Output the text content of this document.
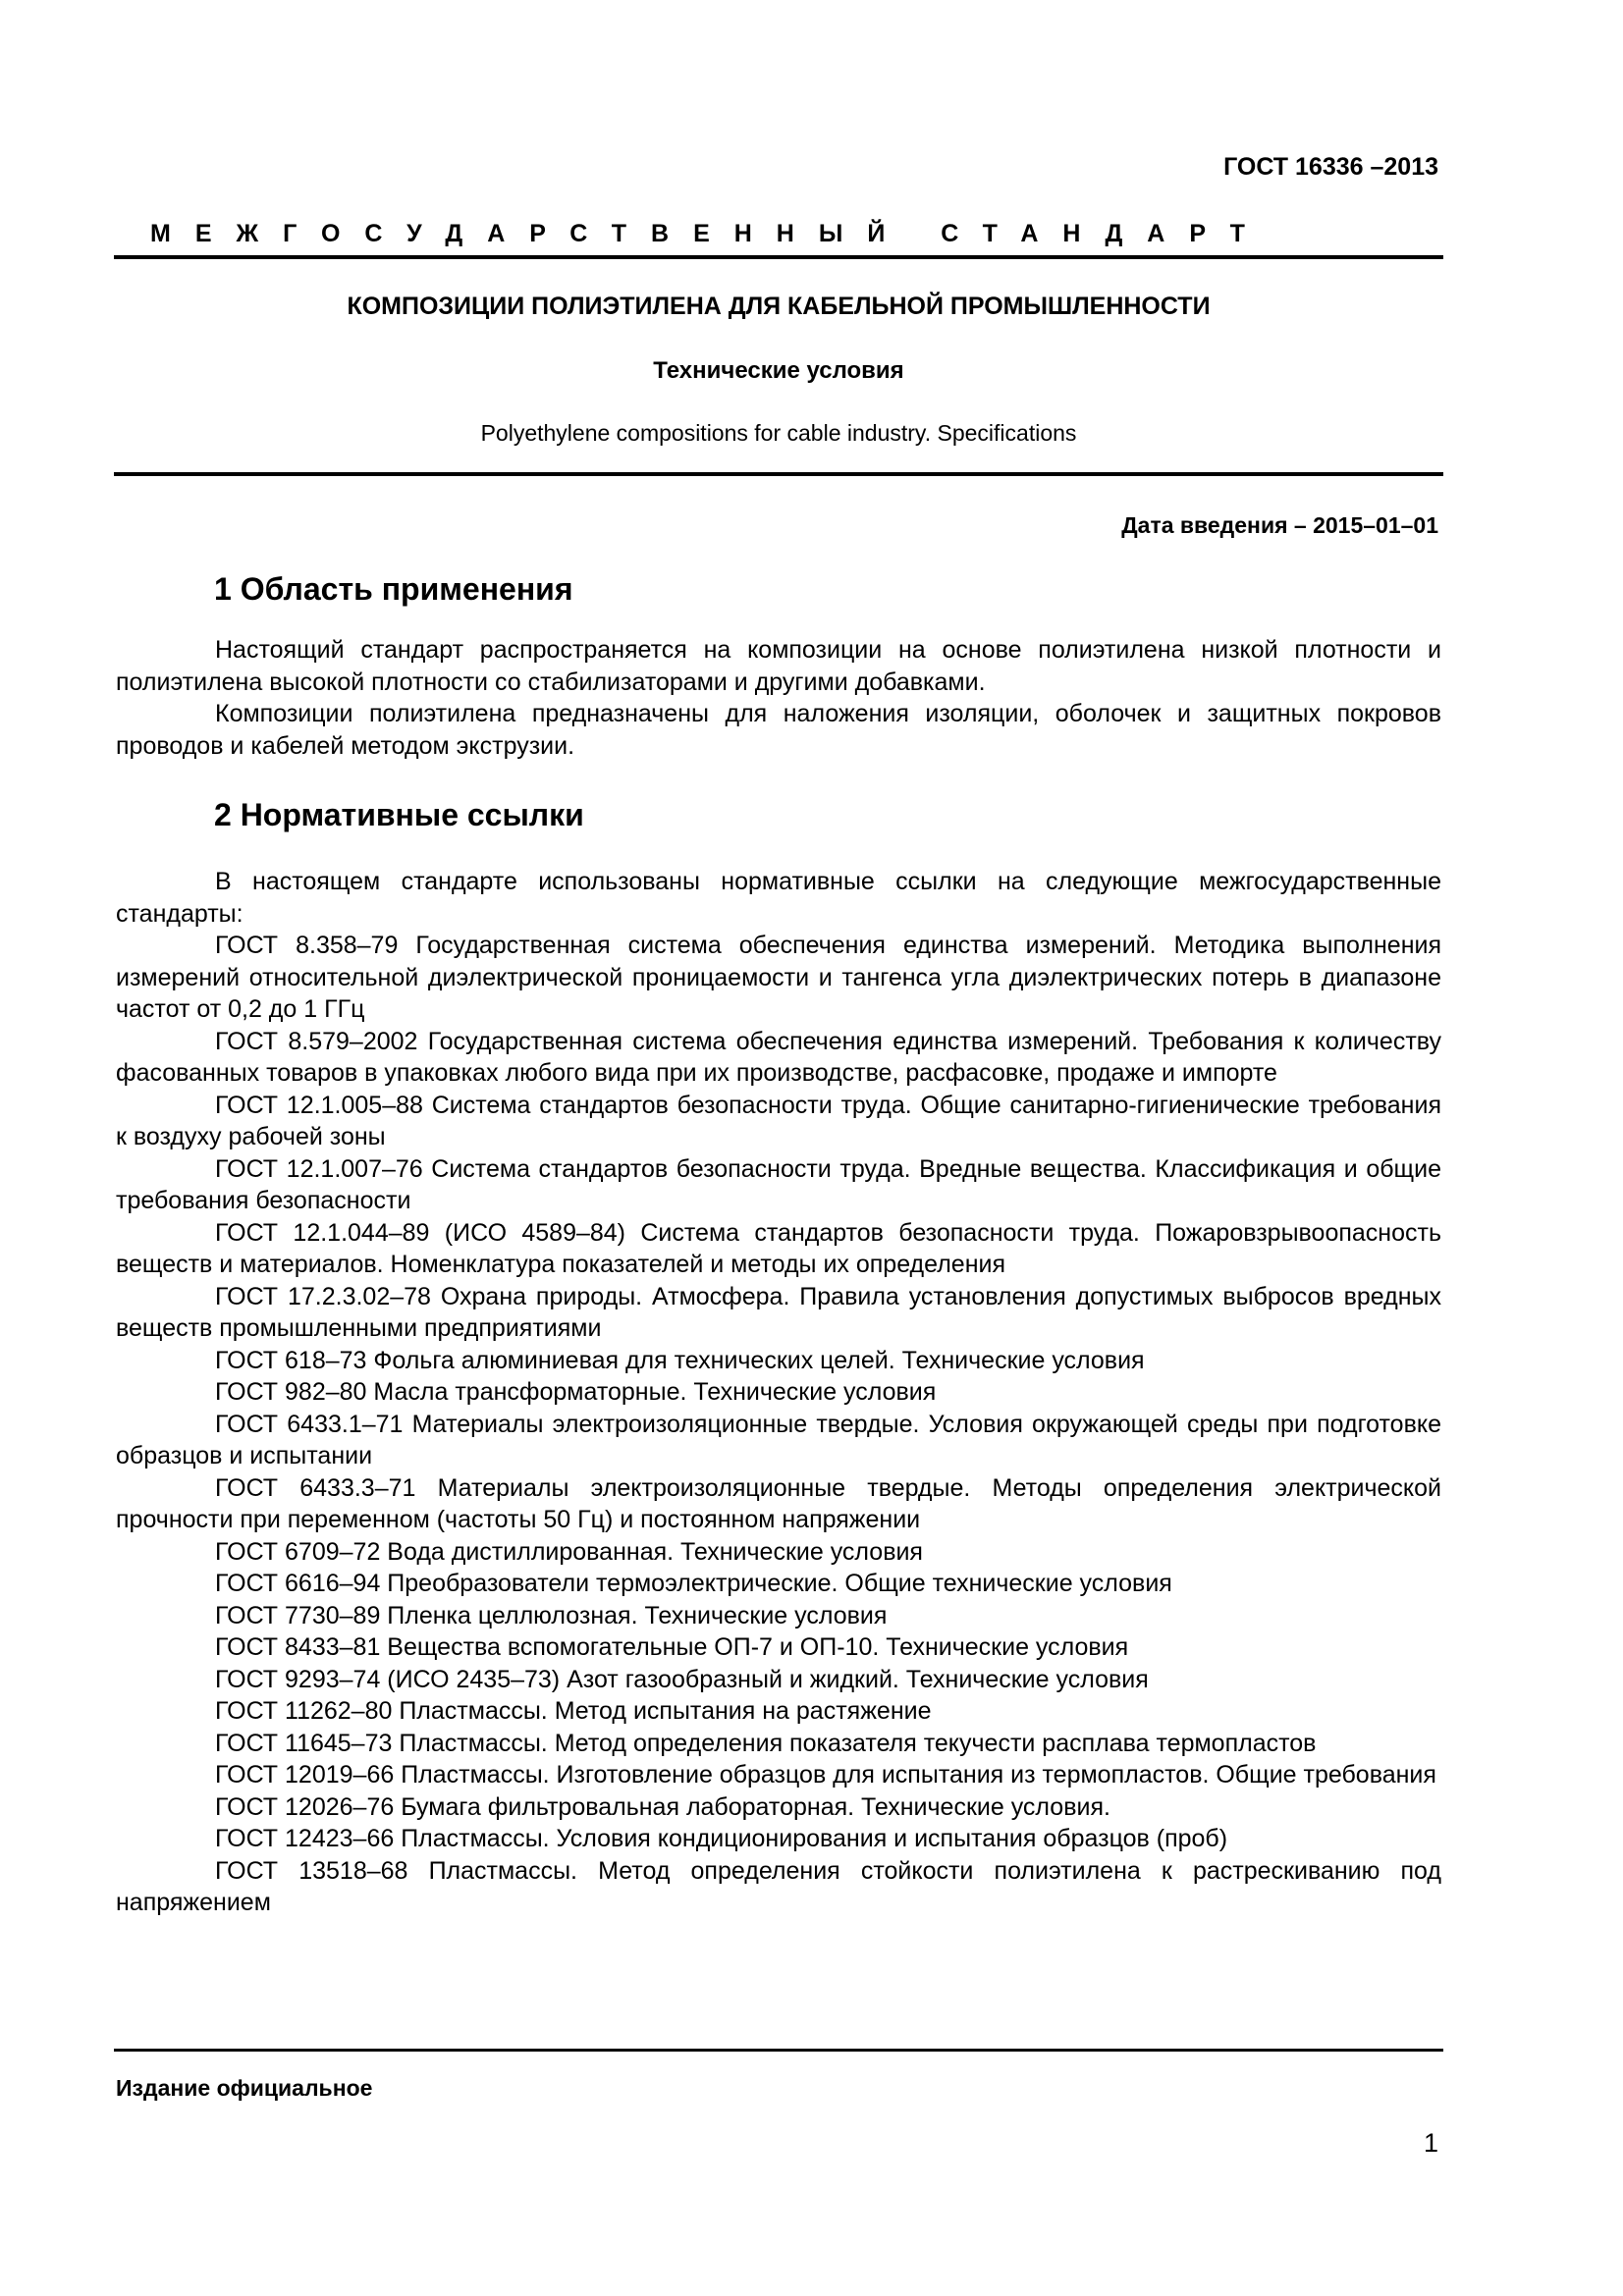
ГОСТ 16336 –2013
МЕЖГОСУДАРСТВЕННЫЙ СТАНДАРТ
КОМПОЗИЦИИ ПОЛИЭТИЛЕНА ДЛЯ КАБЕЛЬНОЙ ПРОМЫШЛЕННОСТИ
Технические условия
Polyethylene compositions for cable industry. Specifications
Дата введения – 2015–01–01
1 Область применения

Настоящий стандарт распространяется на композиции на основе полиэтилена низкой плотности и полиэтилена высокой плотности со стабилизаторами и другими добавками.

Композиции полиэтилена предназначены для наложения изоляции, оболочек и защитных покровов проводов и кабелей методом экструзии.

2 Нормативные ссылки

В настоящем стандарте использованы нормативные ссылки на следующие межгосударственные стандарты:

ГОСТ 8.358–79 Государственная система обеспечения единства измерений. Методика выполнения измерений относительной диэлектрической проницаемости и тангенса угла диэлектрических потерь в диапазоне частот от 0,2 до 1 ГГц

ГОСТ 8.579–2002 Государственная система обеспечения единства измерений. Требования к количеству фасованных товаров в упаковках любого вида при их производстве, расфасовке, продаже и импорте

ГОСТ 12.1.005–88 Система стандартов безопасности труда. Общие санитарно-гигиенические требования к воздуху рабочей зоны

ГОСТ 12.1.007–76 Система стандартов безопасности труда. Вредные вещества. Классификация и общие требования безопасности

ГОСТ 12.1.044–89 (ИСО 4589–84) Система стандартов безопасности труда. Пожаровзрывоопасность веществ и материалов. Номенклатура показателей и методы их определения

ГОСТ 17.2.3.02–78 Охрана природы. Атмосфера. Правила установления допустимых выбросов вредных веществ промышленными предприятиями

ГОСТ 618–73 Фольга алюминиевая для технических целей. Технические условия

ГОСТ 982–80 Масла трансформаторные. Технические условия

ГОСТ 6433.1–71 Материалы электроизоляционные твердые. Условия окружающей среды при подготовке образцов и испытании

ГОСТ 6433.3–71 Материалы электроизоляционные твердые. Методы определения электрической прочности при переменном (частоты 50 Гц) и постоянном напряжении

ГОСТ 6709–72 Вода дистиллированная. Технические условия

ГОСТ 6616–94 Преобразователи термоэлектрические. Общие технические условия

ГОСТ 7730–89 Пленка целлюлозная. Технические условия

ГОСТ 8433–81 Вещества вспомогательные ОП-7 и ОП-10. Технические условия

ГОСТ 9293–74 (ИСО 2435–73) Азот газообразный и жидкий. Технические условия

ГОСТ 11262–80 Пластмассы. Метод испытания на растяжение

ГОСТ 11645–73 Пластмассы. Метод определения показателя текучести расплава термопластов

ГОСТ 12019–66 Пластмассы. Изготовление образцов для испытания из термопластов. Общие требования

ГОСТ 12026–76 Бумага фильтровальная лабораторная. Технические условия.

ГОСТ 12423–66 Пластмассы. Условия кондиционирования и испытания образцов (проб)

ГОСТ 13518–68 Пластмассы. Метод определения стойкости полиэтилена к растрескиванию под напряжением

Издание официальное
1
